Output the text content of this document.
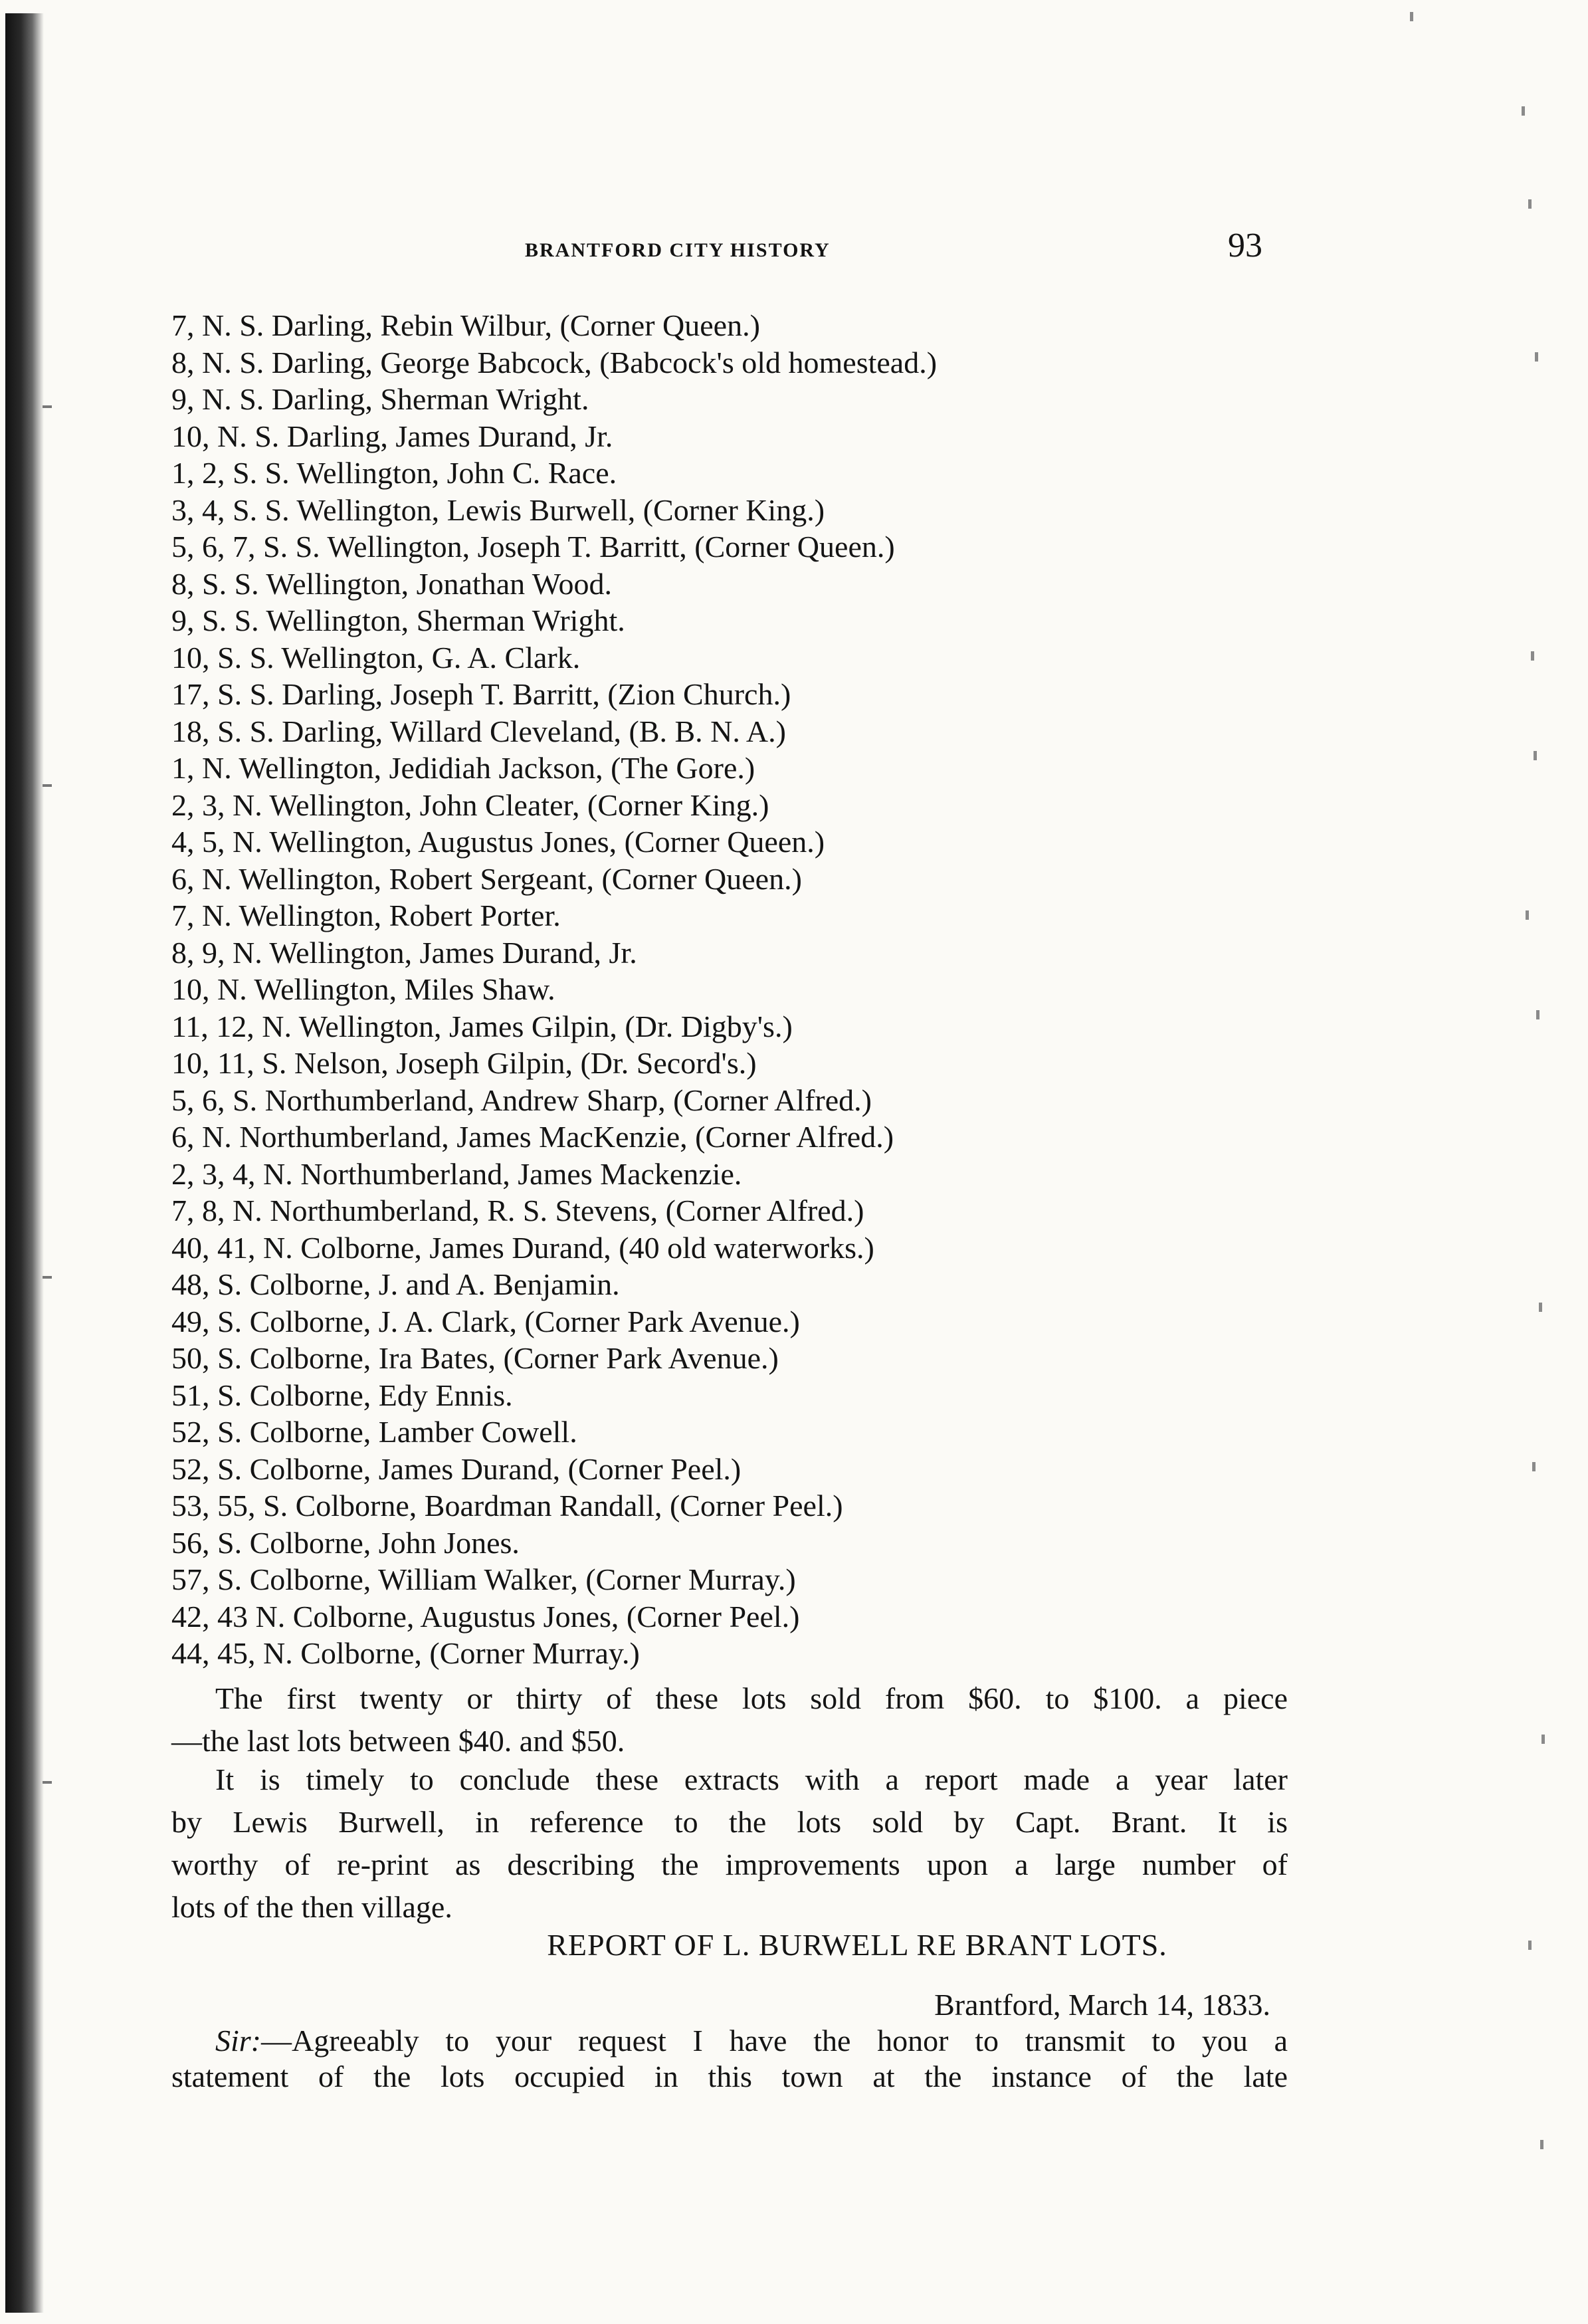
BRANTFORD CITY HISTORY	93
7, N. S. Darling, Rebin Wilbur, (Corner Queen.)
8, N. S. Darling, George Babcock, (Babcock's old homestead.)
9, N. S. Darling, Sherman Wright.
10, N. S. Darling, James Durand, Jr.
1, 2, S. S. Wellington, John C. Race.
3, 4, S. S. Wellington, Lewis Burwell, (Corner King.)
5, 6, 7, S. S. Wellington, Joseph T. Barritt, (Corner Queen.)
8, S. S. Wellington, Jonathan Wood.
9, S. S. Wellington, Sherman Wright.
10, S. S. Wellington, G. A. Clark.
17, S. S. Darling, Joseph T. Barritt, (Zion Church.)
18, S. S. Darling, Willard Cleveland, (B. B. N. A.)
1, N. Wellington, Jedidiah Jackson, (The Gore.)
2, 3, N. Wellington, John Cleater, (Corner King.)
4, 5, N. Wellington, Augustus Jones, (Corner Queen.)
6, N. Wellington, Robert Sergeant, (Corner Queen.)
7, N. Wellington, Robert Porter.
8, 9, N. Wellington, James Durand, Jr.
10, N. Wellington, Miles Shaw.
11, 12, N. Wellington, James Gilpin, (Dr. Digby's.)
10, 11, S. Nelson, Joseph Gilpin, (Dr. Secord's.)
5, 6, S. Northumberland, Andrew Sharp, (Corner Alfred.)
6, N. Northumberland, James MacKenzie, (Corner Alfred.)
2, 3, 4, N. Northumberland, James Mackenzie.
7, 8, N. Northumberland, R. S. Stevens, (Corner Alfred.)
40, 41, N. Colborne, James Durand, (40 old waterworks.)
48, S. Colborne, J. and A. Benjamin.
49, S. Colborne, J. A. Clark, (Corner Park Avenue.)
50, S. Colborne, Ira Bates, (Corner Park Avenue.)
51, S. Colborne, Edy Ennis.
52, S. Colborne, Lamber Cowell.
52, S. Colborne, James Durand, (Corner Peel.)
53, 55, S. Colborne, Boardman Randall, (Corner Peel.)
56, S. Colborne, John Jones.
57, S. Colborne, William Walker, (Corner Murray.)
42, 43 N. Colborne, Augustus Jones, (Corner Peel.)
44, 45, N. Colborne, (Corner Murray.)
The first twenty or thirty of these lots sold from $60. to $100. a piece
—the last lots between $40. and $50.
It is timely to conclude these extracts with a report made a year later
by Lewis Burwell, in reference to the lots sold by Capt. Brant. It is
REPORT OF L. BURWELL RE BRANT LOTS.
Brantford, March 14, 1833.
Sir:—Agreeably to your request I have the honor to transmit to you a
statement of the lots occupied in this town at the instance of the late
worthy of re-print as describing the improvements upon a large number of
lots of the then village.
